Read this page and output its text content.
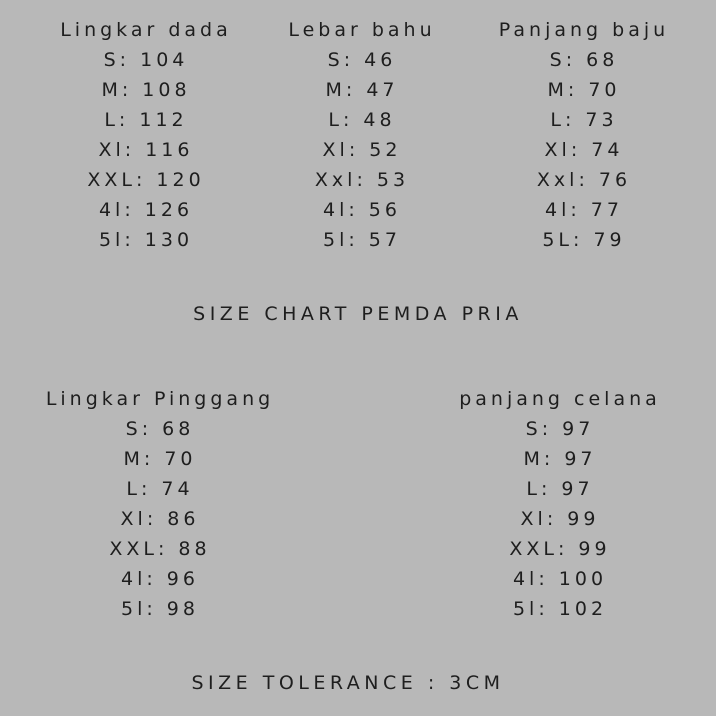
Lingkar dada
S: 104
M: 108
L: 112
Xl: 116
XXL: 120
4l: 126
5l: 130
Lebar bahu
S: 46
M: 47
L: 48
Xl: 52
Xxl: 53
4l: 56
5l: 57
Panjang baju
S: 68
M: 70
L: 73
Xl: 74
Xxl: 76
4l: 77
5L: 79
SIZE CHART PEMDA PRIA
Lingkar Pinggang
S: 68
M: 70
L: 74
Xl: 86
XXL: 88
4l: 96
5l: 98
panjang celana
S: 97
M: 97
L: 97
Xl: 99
XXL: 99
4l: 100
5l: 102
SIZE TOLERANCE : 3CM
